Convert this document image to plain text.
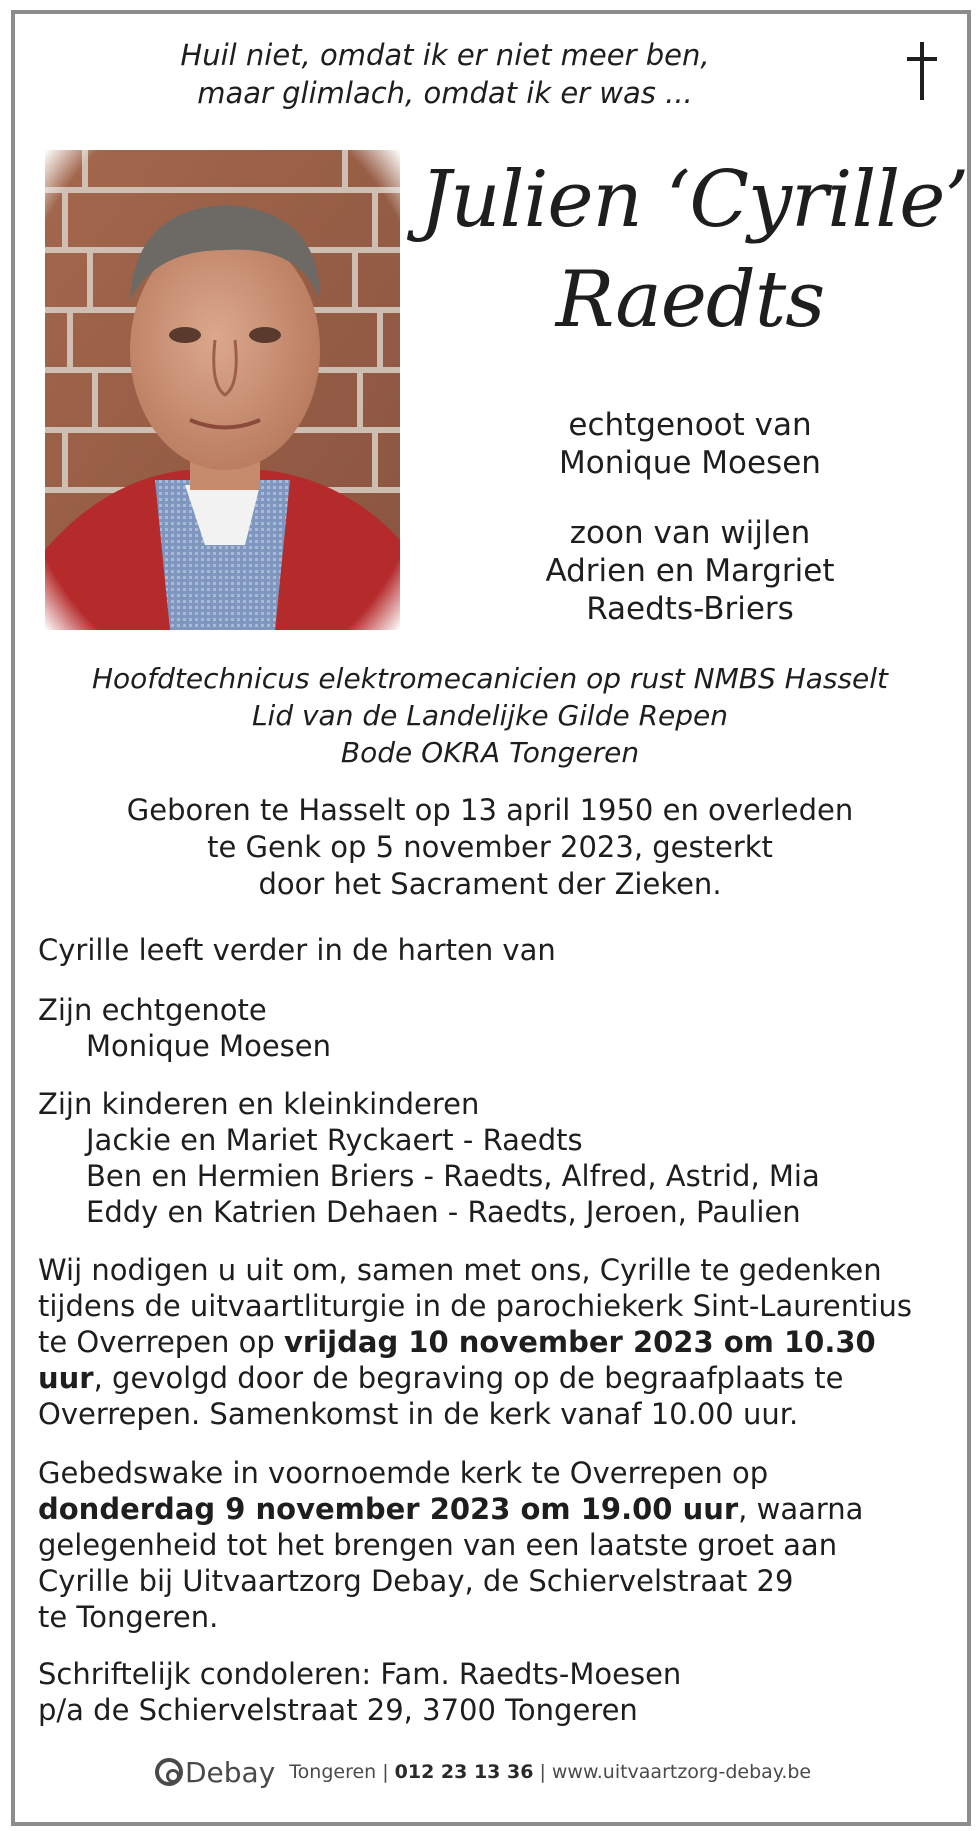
Huil niet, omdat ik er niet meer ben,
maar glimlach, omdat ik er was ...
Julien ‘Cyrille’
Raedts
echtgenoot van
Monique Moesen
zoon van wijlen
Adrien en Margriet
Raedts-Briers
Hoofdtechnicus elektromecanicien op rust NMBS Hasselt
Lid van de Landelijke Gilde Repen
Bode OKRA Tongeren
Geboren te Hasselt op 13 april 1950 en overleden
te Genk op 5 november 2023, gesterkt
door het Sacrament der Zieken.
Cyrille leeft verder in de harten van
Zijn echtgenote
Monique Moesen
Zijn kinderen en kleinkinderen
Jackie en Mariet Ryckaert - Raedts
Ben en Hermien Briers - Raedts, Alfred, Astrid, Mia
Eddy en Katrien Dehaen - Raedts, Jeroen, Paulien
Wij nodigen u uit om, samen met ons, Cyrille te gedenken
tijdens de uitvaartliturgie in de parochiekerk Sint-Laurentius
te Overrepen op vrijdag 10 november 2023 om 10.30
uur, gevolgd door de begraving op de begraafplaats te
Overrepen. Samenkomst in de kerk vanaf 10.00 uur.
Gebedswake in voornoemde kerk te Overrepen op
donderdag 9 november 2023 om 19.00 uur, waarna
gelegenheid tot het brengen van een laatste groet aan
Cyrille bij Uitvaartzorg Debay, de Schiervelstraat 29
te Tongeren.
Schriftelijk condoleren: Fam. Raedts-Moesen
p/a de Schiervelstraat 29, 3700 Tongeren
Debay Tongeren | 012 23 13 36 | www.uitvaartzorg-debay.be
